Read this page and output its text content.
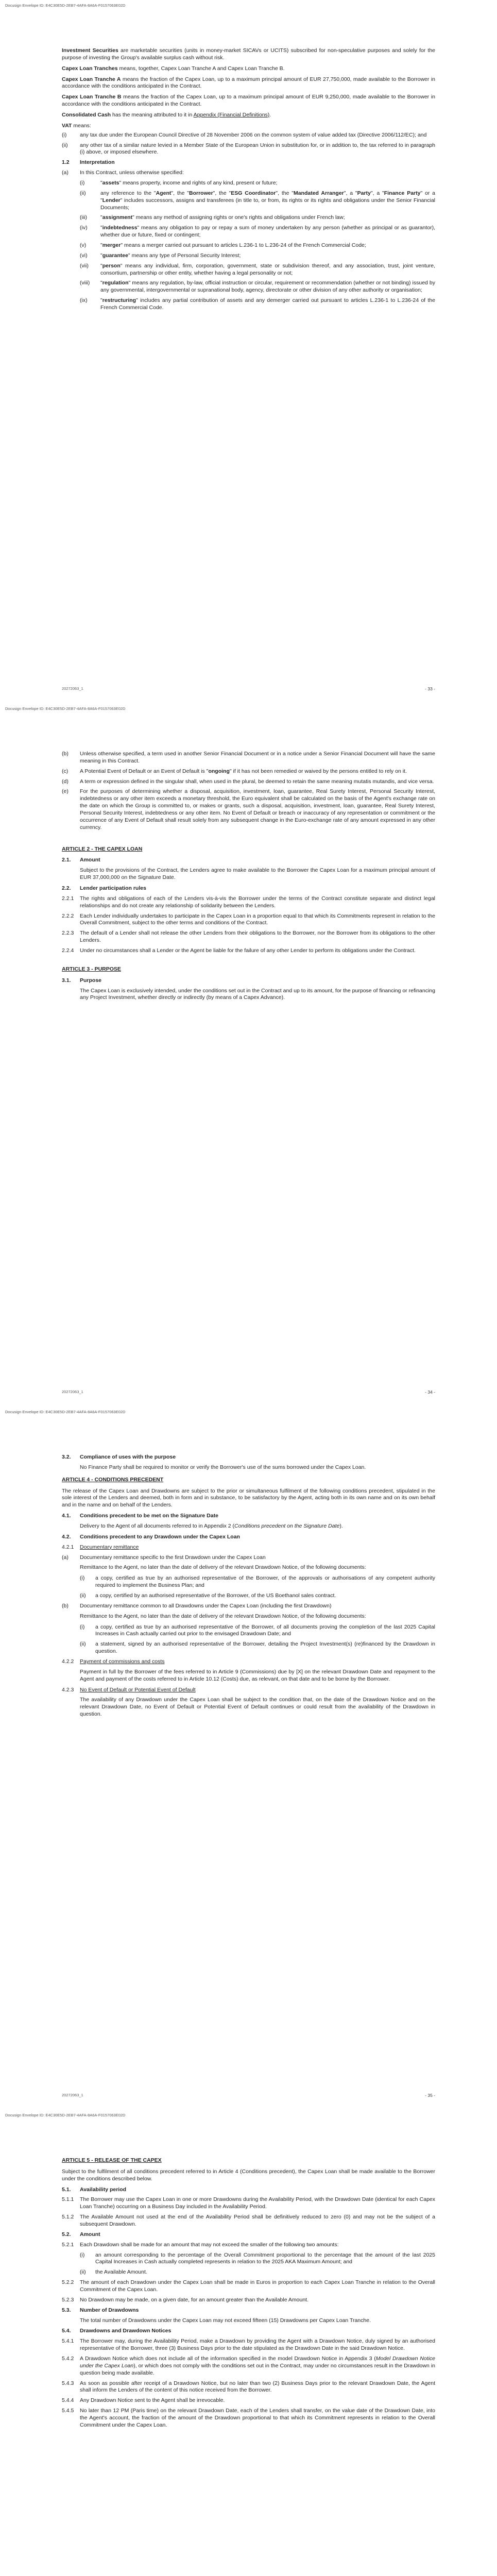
Docusign Envelope ID: E4C30E5D-2EB7-4AFA-8A6A-F0157063E02D

Investment Securities are marketable securities (units in money-market SICAVs or UCITS) subscribed for non-speculative purposes and solely for the purpose of investing the Group's available surplus cash without risk.

Capex Loan Tranches means, together, Capex Loan Tranche A and Capex Loan Tranche B.

Capex Loan Tranche A means the fraction of the Capex Loan, up to a maximum principal amount of EUR 27,750,000, made available to the Borrower in accordance with the conditions anticipated in the Contract.

Capex Loan Tranche B means the fraction of the Capex Loan, up to a maximum principal amount of EUR 9,250,000, made available to the Borrower in accordance with the conditions anticipated in the Contract.

Consolidated Cash has the meaning attributed to it in Appendix (Financial Definitions).

VAT means:

(i)	any tax due under the European Council Directive of 28 November 2006 on the common system of value added tax (Directive 2006/112/EC); and
(ii)	any other tax of a similar nature levied in a Member State of the European Union in substitution for, or in addition to, the tax referred to in paragraph (i) above, or imposed elsewhere.
1.2	Interpretation
(a)	In this Contract, unless otherwise specified:
(i)	"assets" means property, income and rights of any kind, present or future;
(ii)	any reference to the "Agent", the "Borrower", the "ESG Coordinator", the "Mandated Arranger", a "Party", a "Finance Party" or a "Lender" includes successors, assigns and transferees (in title to, or from, its rights or its rights and obligations under the Senior Financial Documents;
(iii)	"assignment" means any method of assigning rights or one's rights and obligations under French law;
(iv)	"indebtedness" means any obligation to pay or repay a sum of money undertaken by any person (whether as principal or as guarantor), whether due or future, fixed or contingent;
(v)	"merger" means a merger carried out pursuant to articles L.236-1 to L.236-24 of the French Commercial Code;
(vi)	"guarantee" means any type of Personal Security Interest;
(vii)	"person" means any individual, firm, corporation, government, state or subdivision thereof, and any association, trust, joint venture, consortium, partnership or other entity, whether having a legal personality or not;
(viii)	"regulation" means any regulation, by-law, official instruction or circular, requirement or recommendation (whether or not binding) issued by any governmental, intergovernmental or supranational body, agency, directorate or other division of any other authority or organisation;
(ix)	"restructuring" includes any partial contribution of assets and any demerger carried out pursuant to articles L.236-1 to L.236-24 of the French Commercial Code.
20272063_1	- 33 -
Docusign Envelope ID: E4C30E5D-2EB7-4AFA-8A6A-F0157063E02D
(b)	Unless otherwise specified, a term used in another Senior Financial Document or in a notice under a Senior Financial Document will have the same meaning in this Contract.
(c)	A Potential Event of Default or an Event of Default is "ongoing" if it has not been remedied or waived by the persons entitled to rely on it.
(d)	A term or expression defined in the singular shall, when used in the plural, be deemed to retain the same meaning mutatis mutandis, and vice versa.
(e)	For the purposes of determining whether a disposal, acquisition, investment, loan, guarantee, Real Surety Interest, Personal Security Interest, indebtedness or any other item exceeds a monetary threshold, the Euro equivalent shall be calculated on the basis of the Agent's exchange rate on the date on which the Group is committed to, or makes or grants, such a disposal, acquisition, investment, loan, guarantee, Real Surety Interest, Personal Security Interest, indebtedness or any other item. No Event of Default or breach or inaccuracy of any representation or commitment or the occurrence of any Event of Default shall result solely from any subsequent change in the Euro-exchange rate of any amount expressed in any other currency.
ARTICLE 2 - THE CAPEX LOAN
2.1.	Amount

Subject to the provisions of the Contract, the Lenders agree to make available to the Borrower the Capex Loan for a maximum principal amount of EUR 37,000,000 on the Signature Date.

2.2.	Lender participation rules
2.2.1	The rights and obligations of each of the Lenders vis-à-vis the Borrower under the terms of the Contract constitute separate and distinct legal relationships and do not create any relationship of solidarity between the Lenders.
2.2.2	Each Lender individually undertakes to participate in the Capex Loan in a proportion equal to that which its Commitments represent in relation to the Overall Commitment, subject to the other terms and conditions of the Contract.
2.2.3	The default of a Lender shall not release the other Lenders from their obligations to the Borrower, nor the Borrower from its obligations to the other Lenders.
2.2.4	Under no circumstances shall a Lender or the Agent be liable for the failure of any other Lender to perform its obligations under the Contract.
ARTICLE 3 - PURPOSE
3.1.	Purpose

The Capex Loan is exclusively intended, under the conditions set out in the Contract and up to its amount, for the purpose of financing or refinancing any Project Investment, whether directly or indirectly (by means of a Capex Advance).

20272063_1	- 34 -
Docusign Envelope ID: E4C30E5D-2EB7-4AFA-8A6A-F0157063E02D
3.2.	Compliance of uses with the purpose

No Finance Party shall be required to monitor or verify the Borrower's use of the sums borrowed under the Capex Loan.

ARTICLE 4 - CONDITIONS PRECEDENT

The release of the Capex Loan and Drawdowns are subject to the prior or simultaneous fulfilment of the following conditions precedent, stipulated in the sole interest of the Lenders and deemed, both in form and in substance, to be satisfactory by the Agent, acting both in its own name and on its own behalf and in the name and on behalf of the Lenders.

4.1.	Conditions precedent to be met on the Signature Date

Delivery to the Agent of all documents referred to in Appendix 2 (Conditions precedent on the Signature Date).

4.2.	Conditions precedent to any Drawdown under the Capex Loan
4.2.1	Documentary remittance
(a)	Documentary remittance specific to the first Drawdown under the Capex Loan

Remittance to the Agent, no later than the date of delivery of the relevant Drawdown Notice, of the following documents:

(i)	a copy, certified as true by an authorised representative of the Borrower, of the approvals or authorisations of any competent authority required to implement the Business Plan; and
(ii)	a copy, certified by an authorised representative of the Borrower, of the US Boethanol sales contract.
(b)	Documentary remittance common to all Drawdowns under the Capex Loan (including the first Drawdown)

Remittance to the Agent, no later than the date of delivery of the relevant Drawdown Notice, of the following documents:

(i)	a copy, certified as true by an authorised representative of the Borrower, of all documents proving the completion of the last 2025 Capital Increases in Cash actually carried out prior to the envisaged Drawdown Date; and
(ii)	a statement, signed by an authorised representative of the Borrower, detailing the Project Investment(s) (re)financed by the Drawdown in question.
4.2.2	Payment of commissions and costs

Payment in full by the Borrower of the fees referred to in Article 9 (Commissions) due by [X] on the relevant Drawdown Date and repayment to the Agent and payment of the costs referred to in Article 10.12 (Costs) due, as relevant, on that date and to be borne by the Borrower.

4.2.3	No Event of Default or Potential Event of Default

The availability of any Drawdown under the Capex Loan shall be subject to the condition that, on the date of the Drawdown Notice and on the relevant Drawdown Date, no Event of Default or Potential Event of Default continues or could result from the availability of the Drawdown in question.

20272063_1	- 35 -
Docusign Envelope ID: E4C30E5D-2EB7-4AFA-8A6A-F0157063E02D
ARTICLE 5 - RELEASE OF THE CAPEX

Subject to the fulfilment of all conditions precedent referred to in Article 4 (Conditions precedent), the Capex Loan shall be made available to the Borrower under the conditions described below.

5.1.	Availability period
5.1.1	The Borrower may use the Capex Loan in one or more Drawdowns during the Availability Period, with the Drawdown Date (identical for each Capex Loan Tranche) occurring on a Business Day included in the Availability Period.
5.1.2	The Available Amount not used at the end of the Availability Period shall be definitively reduced to zero (0) and may not be the subject of a subsequent Drawdown.
5.2.	Amount
5.2.1	Each Drawdown shall be made for an amount that may not exceed the smaller of the following two amounts:
(i)	an amount corresponding to the percentage of the Overall Commitment proportional to the percentage that the amount of the last 2025 Capital Increases in Cash actually completed represents in relation to the 2025 AKA Maximum Amount; and
(ii)	the Available Amount.
5.2.2	The amount of each Drawdown under the Capex Loan shall be made in Euros in proportion to each Capex Loan Tranche in relation to the Overall Commitment of the Capex Loan.
5.2.3	No Drawdown may be made, on a given date, for an amount greater than the Available Amount.
5.3.	Number of Drawdowns

The total number of Drawdowns under the Capex Loan may not exceed fifteen (15) Drawdowns per Capex Loan Tranche.

5.4.	Drawdowns and Drawdown Notices
5.4.1	The Borrower may, during the Availability Period, make a Drawdown by providing the Agent with a Drawdown Notice, duly signed by an authorised representative of the Borrower, three (3) Business Days prior to the date stipulated as the Drawdown Date in the said Drawdown Notice.
5.4.2	A Drawdown Notice which does not include all of the information specified in the model Drawdown Notice in Appendix 3 (Model Drawdown Notice under the Capex Loan), or which does not comply with the conditions set out in the Contract, may under no circumstances result in the Drawdown in question being made available.
5.4.3	As soon as possible after receipt of a Drawdown Notice, but no later than two (2) Business Days prior to the relevant Drawdown Date, the Agent shall inform the Lenders of the content of this notice received from the Borrower.
5.4.4	Any Drawdown Notice sent to the Agent shall be irrevocable.
5.4.5	No later than 12 PM (Paris time) on the relevant Drawdown Date, each of the Lenders shall transfer, on the value date of the Drawdown Date, into the Agent's account, the fraction of the amount of the Drawdown proportional to that which its Commitment represents in relation to the Overall Commitment under the Capex Loan.
